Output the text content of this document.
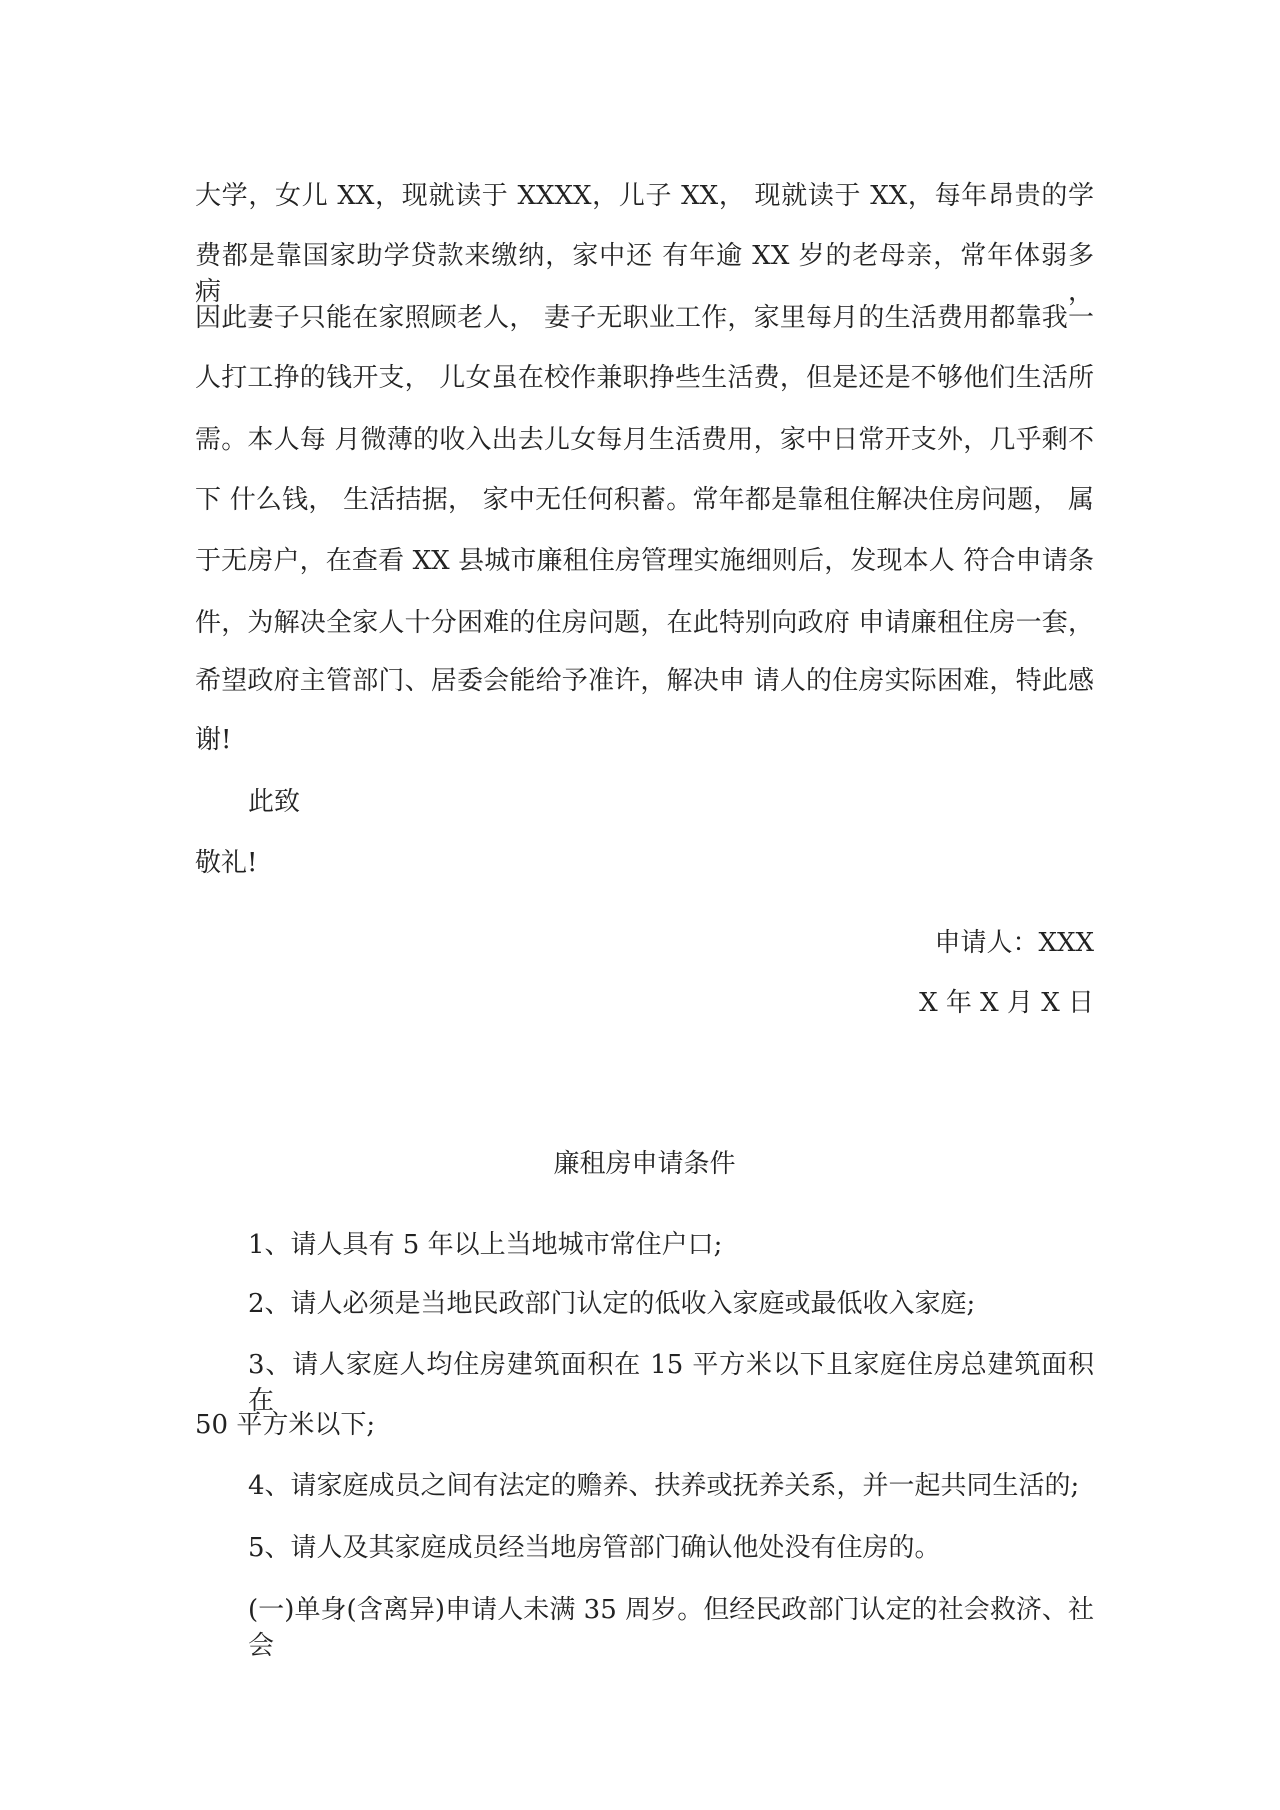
大学，女儿 XX，现就读于 XXXX，儿子 XX， 现就读于 XX，每年昂贵的学
费都是靠国家助学贷款来缴纳，家中还 有年逾 XX 岁的老母亲，常年体弱多病，
因此妻子只能在家照顾老人， 妻子无职业工作，家里每月的生活费用都靠我一
人打工挣的钱开支， 儿女虽在校作兼职挣些生活费，但是还是不够他们生活所
需。本人每 月微薄的收入出去儿女每月生活费用，家中日常开支外，几乎剩不
下 什么钱， 生活拮据， 家中无任何积蓄。常年都是靠租住解决住房问题， 属
于无房户，在查看 XX 县城市廉租住房管理实施细则后，发现本人 符合申请条
件，为解决全家人十分困难的住房问题，在此特别向政府 申请廉租住房一套，
希望政府主管部门、居委会能给予准许，解决申 请人的住房实际困难，特此感
谢!
此致
敬礼!
申请人：XXX
X 年 X 月 X 日
廉租房申请条件
1、请人具有 5 年以上当地城市常住户口;
2、请人必须是当地民政部门认定的低收入家庭或最低收入家庭;
3、请人家庭人均住房建筑面积在 15 平方米以下且家庭住房总建筑面积在
50 平方米以下;
4、请家庭成员之间有法定的赡养、扶养或抚养关系，并一起共同生活的;
5、请人及其家庭成员经当地房管部门确认他处没有住房的。
(一)单身(含离异)申请人未满 35 周岁。但经民政部门认定的社会救济、社会
